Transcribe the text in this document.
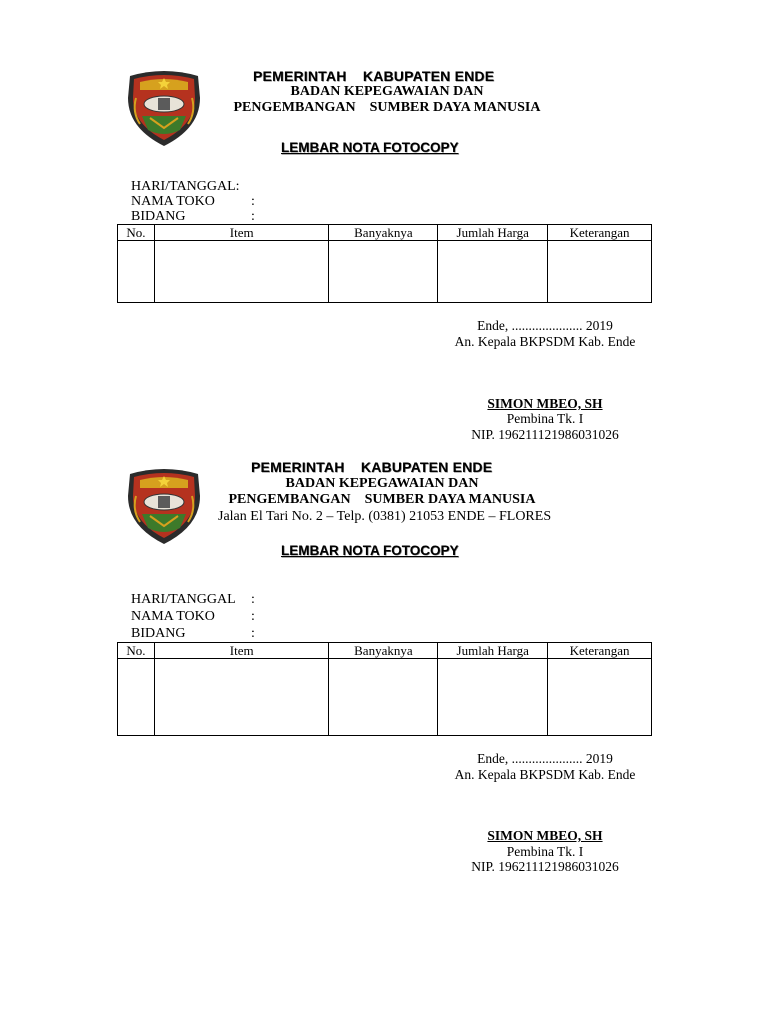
PEMERINTAH    KABUPATEN ENDE
BADAN KEPEGAWAIAN DAN
PENGEMBANGAN    SUMBER DAYA MANUSIA
LEMBAR NOTA FOTOCOPY

HARI/TANGGAL:

NAMA TOKO	:

BIDANG	:

No.	Item	Banyaknya	Jumlah Harga	Keterangan

Ende, ..................... 2019
An. Kepala BKPSDM Kab. Ende
SIMON MBEO, SH
Pembina Tk. I
NIP. 196211121986031026
PEMERINTAH    KABUPATEN ENDE
BADAN KEPEGAWAIAN DAN
PENGEMBANGAN    SUMBER DAYA MANUSIA
Jalan El Tari No. 2 – Telp. (0381) 21053 ENDE – FLORES
LEMBAR NOTA FOTOCOPY

HARI/TANGGAL :

NAMA TOKO	:

BIDANG	:

No.	Item	Banyaknya	Jumlah Harga	Keterangan

Ende, ..................... 2019
An. Kepala BKPSDM Kab. Ende
SIMON MBEO, SH
Pembina Tk. I
NIP. 196211121986031026
